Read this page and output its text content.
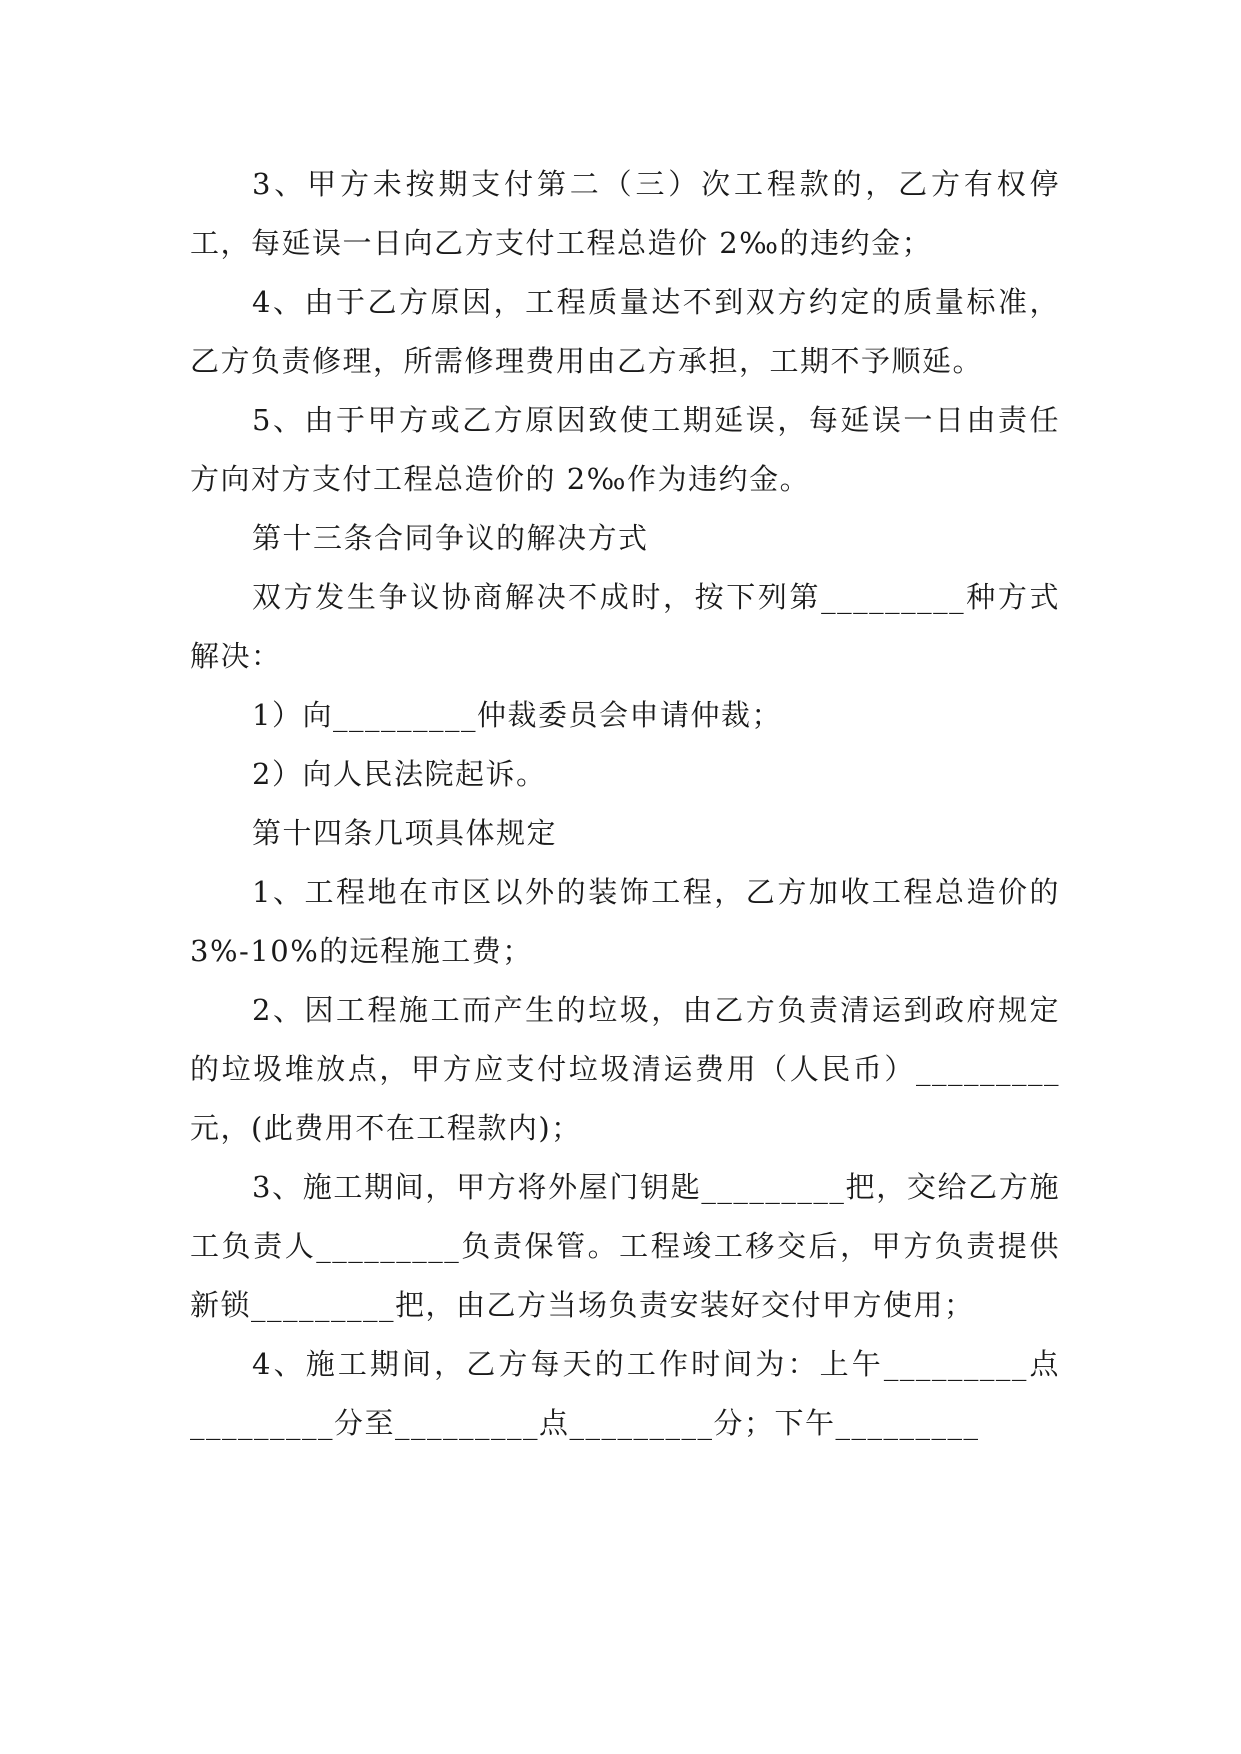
3、甲方未按期支付第二（三）次工程款的，乙方有权停工，每延误一日向乙方支付工程总造价 2‰的违约金；

4、由于乙方原因，工程质量达不到双方约定的质量标准，乙方负责修理，所需修理费用由乙方承担，工期不予顺延。

5、由于甲方或乙方原因致使工期延误，每延误一日由责任方向对方支付工程总造价的 2‰作为违约金。

第十三条合同争议的解决方式

双方发生争议协商解决不成时，按下列第_________种方式解决：

1）向_________仲裁委员会申请仲裁；

2）向人民法院起诉。

第十四条几项具体规定

1、工程地在市区以外的装饰工程，乙方加收工程总造价的 3%-10%的远程施工费；

2、因工程施工而产生的垃圾，由乙方负责清运到政府规定的垃圾堆放点，甲方应支付垃圾清运费用（人民币）_________元，(此费用不在工程款内)；

3、施工期间，甲方将外屋门钥匙_________把，交给乙方施工负责人_________负责保管。工程竣工移交后，甲方负责提供新锁_________把，由乙方当场负责安装好交付甲方使用；

4、施工期间，乙方每天的工作时间为：上午_________点_________分至_________点_________分；下午_________
